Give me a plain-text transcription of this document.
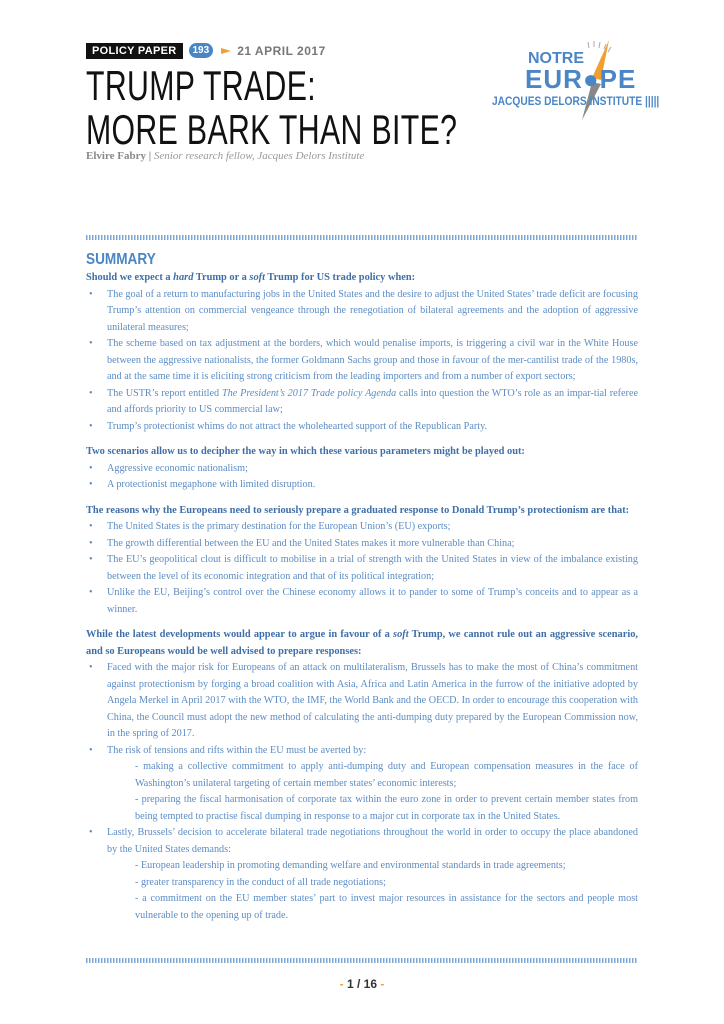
POLICY PAPER	193	21 APRIL 2017
TRUMP TRADE:
MORE BARK THAN BITE?
Elvire Fabry | Senior research fellow, Jacques Delors Institute
NOTRE
EUR●PE
JACQUES DELORS INSTITUTE |||||
SUMMARY
Should we expect a hard Trump or a soft Trump for US trade policy when:
• The goal of a return to manufacturing jobs in the United States and the desire to adjust the United States’ trade deficit are focusing Trump’s attention on commercial vengeance through the renegotiation of bilateral agreements and the adoption of aggressive unilateral measures;
• The scheme based on tax adjustment at the borders, which would penalise imports, is triggering a civil war in the White House between the aggressive nationalists, the former Goldmann Sachs group and those in favour of the mer-cantilist trade of the 1980s, and at the same time it is eliciting strong criticism from the leading importers and from a number of export sectors;
• The USTR’s report entitled The President’s 2017 Trade policy Agenda calls into question the WTO’s role as an impar-tial referee and affords priority to US commercial law;
• Trump’s protectionist whims do not attract the wholehearted support of the Republican Party.
Two scenarios allow us to decipher the way in which these various parameters might be played out:
• Aggressive economic nationalism;
• A protectionist megaphone with limited disruption.
The reasons why the Europeans need to seriously prepare a graduated response to Donald Trump’s protectionism are that:
• The United States is the primary destination for the European Union’s (EU) exports;
• The growth differential between the EU and the United States makes it more vulnerable than China;
• The EU’s geopolitical clout is difficult to mobilise in a trial of strength with the United States in view of the imbalance existing between the level of its economic integration and that of its political integration;
• Unlike the EU, Beijing’s control over the Chinese economy allows it to pander to some of Trump’s conceits and to appear as a winner.
While the latest developments would appear to argue in favour of a soft Trump, we cannot rule out an aggressive scenario, and so Europeans would be well advised to prepare responses:
• Faced with the major risk for Europeans of an attack on multilateralism, Brussels has to make the most of China’s commitment against protectionism by forging a broad coalition with Asia, Africa and Latin America in the furrow of the initiative adopted by Angela Merkel in April 2017 with the WTO, the IMF, the World Bank and the OECD. In order to encourage this cooperation with China, the Council must adopt the new method of calculating the anti-dumping duty prepared by the European Commission now, in the spring of 2017.
• The risk of tensions and rifts within the EU must be averted by:
- making a collective commitment to apply anti-dumping duty and European compensation measures in the face of Washington’s unilateral targeting of certain member states’ economic interests;
- preparing the fiscal harmonisation of corporate tax within the euro zone in order to prevent certain member states from being tempted to practise fiscal dumping in response to a major cut in corporate tax in the United States.
• Lastly, Brussels’ decision to accelerate bilateral trade negotiations throughout the world in order to occupy the place abandoned by the United States demands:
- European leadership in promoting demanding welfare and environmental standards in trade agreements;
- greater transparency in the conduct of all trade negotiations;
- a commitment on the EU member states’ part to invest major resources in assistance for the sectors and people most vulnerable to the opening up of trade.
- 1 / 16 -
